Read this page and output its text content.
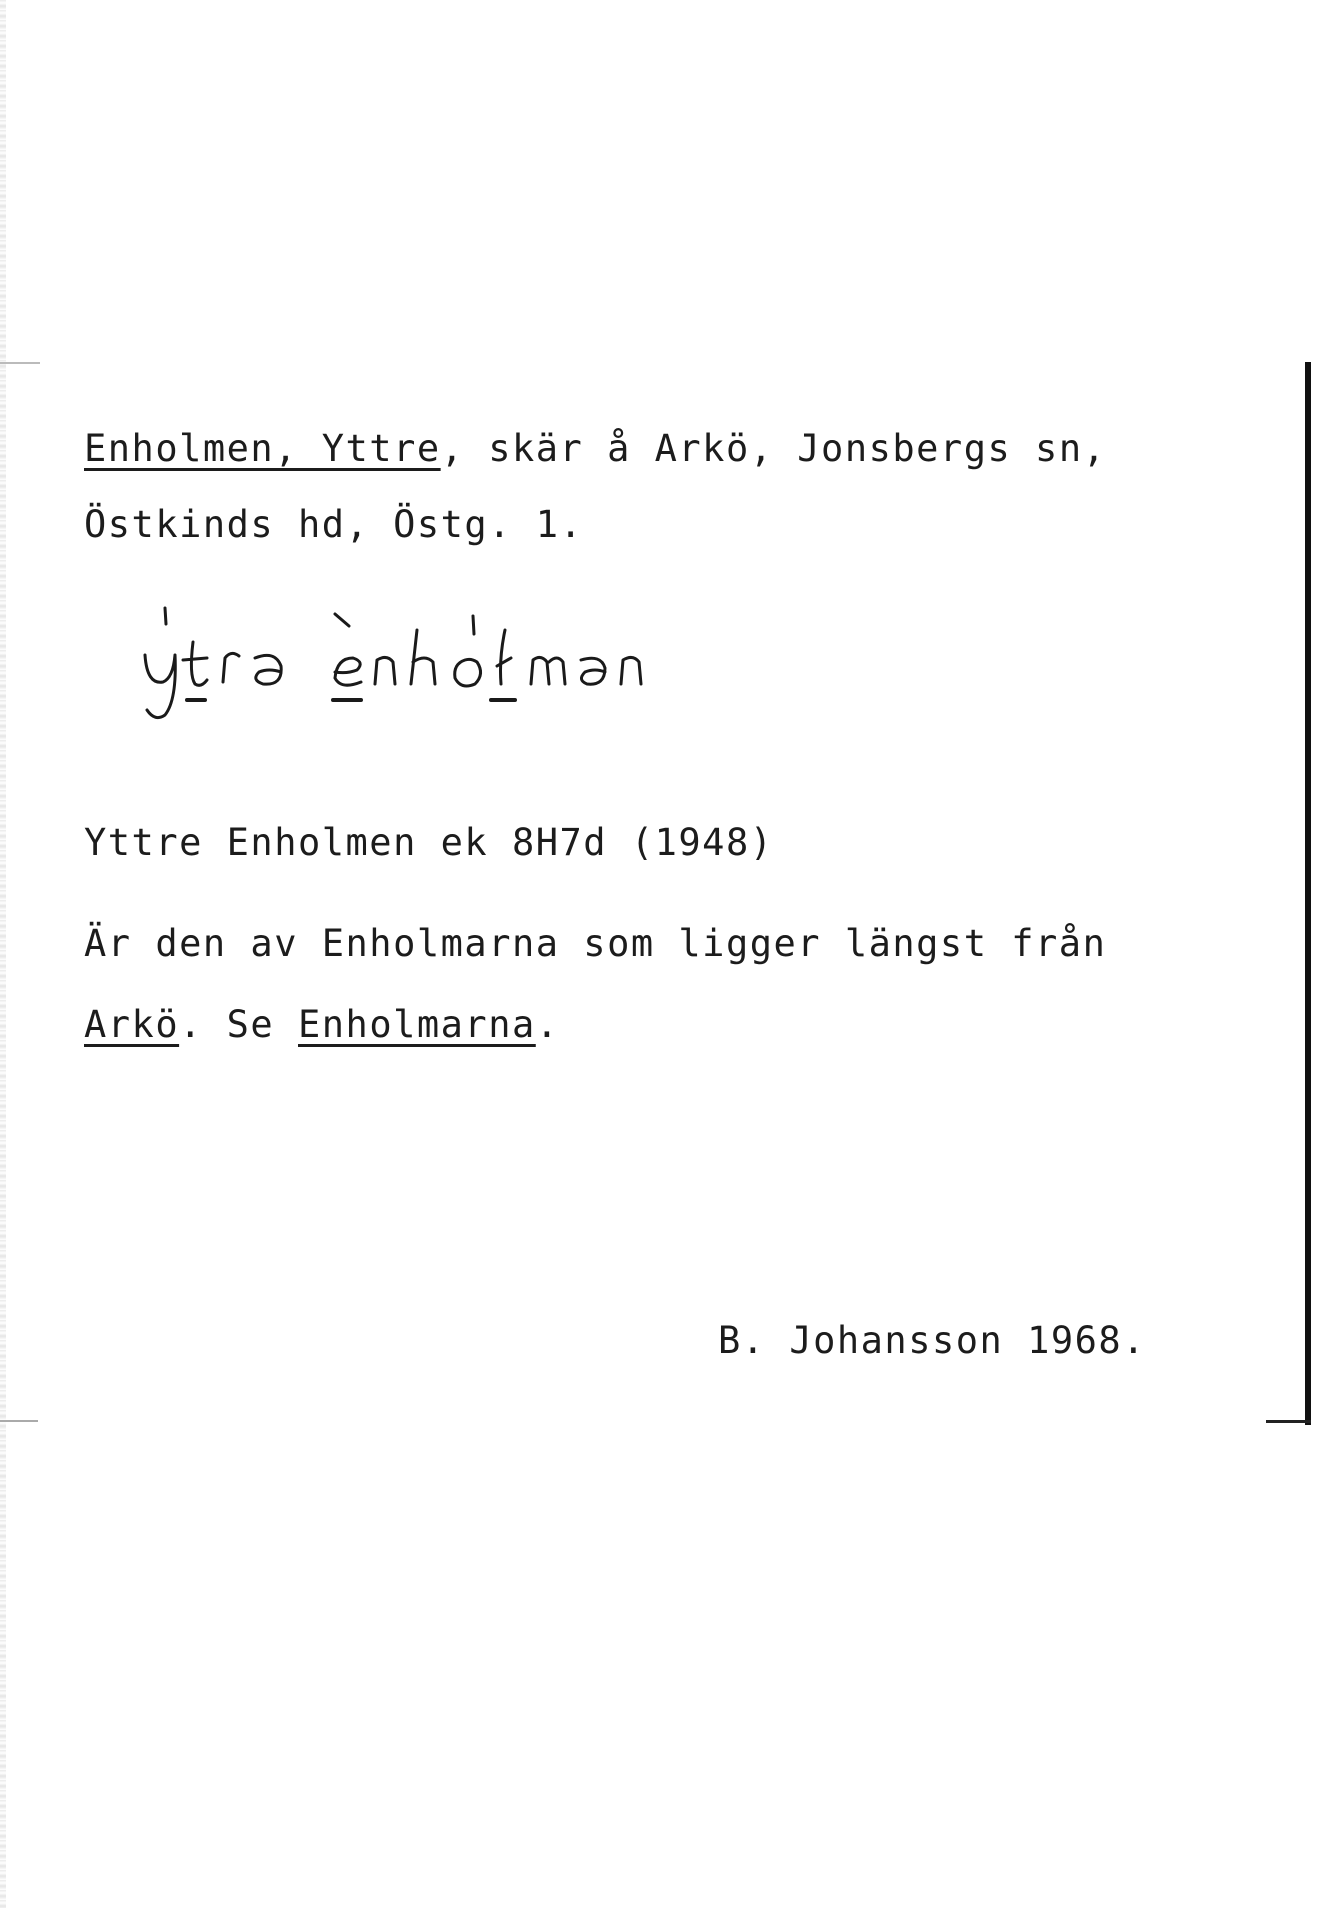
Enholmen, Yttre, skär å Arkö, Jonsbergs sn,
Östkinds hd, Östg. 1.
Yttre Enholmen ek 8H7d (1948)
Är den av Enholmarna som ligger längst från
Arkö. Se Enholmarna.
B. Johansson 1968.
